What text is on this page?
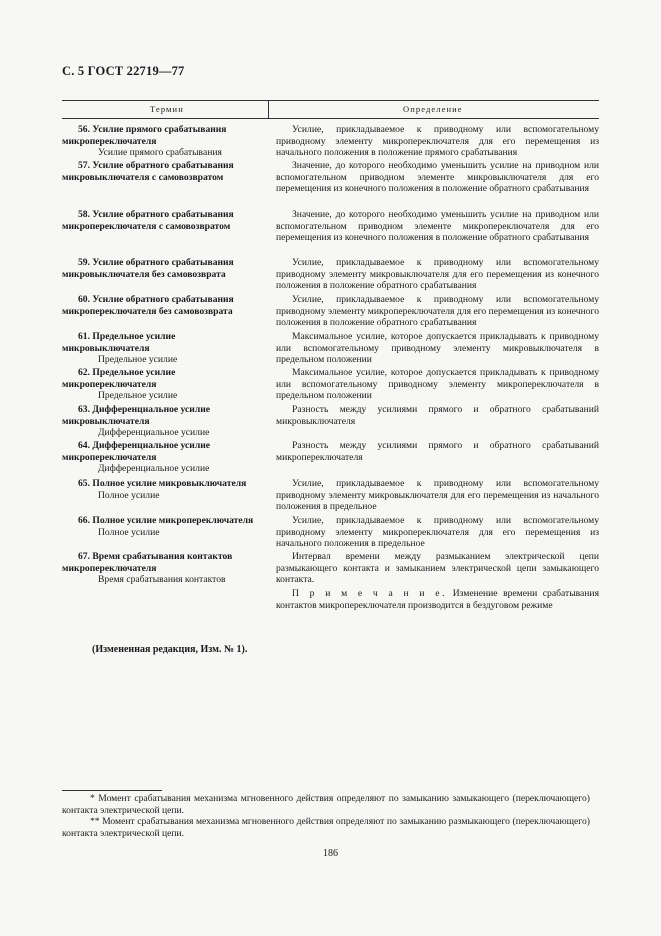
С. 5 ГОСТ 22719—77
Термин	Определение

56. Усилие прямого срабатывания микропереключателя

Усилие прямого срабатывания

Усилие, прикладываемое к приводному или вспомогательному приводному элементу микропереключателя для его перемещения из начального положения в положение прямого срабатывания

57. Усилие обратного срабатывания микровыключателя с самовозвратом

Значение, до которого необходимо уменьшить усилие на приводном или вспомогательном приводном элементе микровыключателя для его перемещения из конечного положения в положение обратного срабатывания

58. Усилие обратного срабатывания микропереключателя с самовозвратом

Значение, до которого необходимо уменьшить усилие на приводном или вспомогательном приводном элементе микропереключателя для его перемещения из конечного положения в положение обратного срабатывания

59. Усилие обратного срабатывания микровыключателя без самовозврата

Усилие, прикладываемое к приводному или вспомогательному приводному элементу микровыключателя для его перемещения из конечного положения в положение обратного срабатывания

60. Усилие обратного срабатывания микропереключателя без самовозврата

Усилие, прикладываемое к приводному или вспомогательному приводному элементу микропереключателя для его перемещения из конечного положения в положение обратного срабатывания

61. Предельное усилие микровыключателя

Предельное усилие

Максимальное усилие, которое допускается прикладывать к приводному или вспомогательному приводному элементу микровыключателя в предельном положении

62. Предельное усилие микропереключателя

Предельное усилие

Максимальное усилие, которое допускается прикладывать к приводному или вспомогательному приводному элементу микропереключателя в предельном положении

63. Дифференциальное усилие микровыключателя

Дифференциальное усилие

Разность между усилиями прямого и обратного срабатываний микровыключателя

64. Дифференциальное усилие микропереключателя

Дифференциальное усилие

Разность между усилиями прямого и обратного срабатываний микропереключателя

65. Полное усилие микровыключателя

Полное усилие

Усилие, прикладываемое к приводному или вспомогательному приводному элементу микровыключателя для его перемещения из начального положения в предельное

66. Полное усилие микропереключателя

Полное усилие

Усилие, прикладываемое к приводному или вспомогательному приводному элементу микропереключателя для его перемещения из начального положения в предельное

67. Время срабатывания контактов микропереключателя

Время срабатывания контактов

Интервал времени между размыканием электрической цепи размыкающего контакта и замыканием электрической цепи замыкающего контакта.

П р и м е ч а н и е. Изменение времени срабатывания контактов микропереключателя производится в бездуговом режиме

(Измененная редакция, Изм. № 1).

* Момент срабатывания механизма мгновенного действия определяют по замыканию замыкающего (переключающего) контакта электрической цепи.

** Момент срабатывания механизма мгновенного действия определяют по замыканию размыкающего (переключающего) контакта электрической цепи.

186
